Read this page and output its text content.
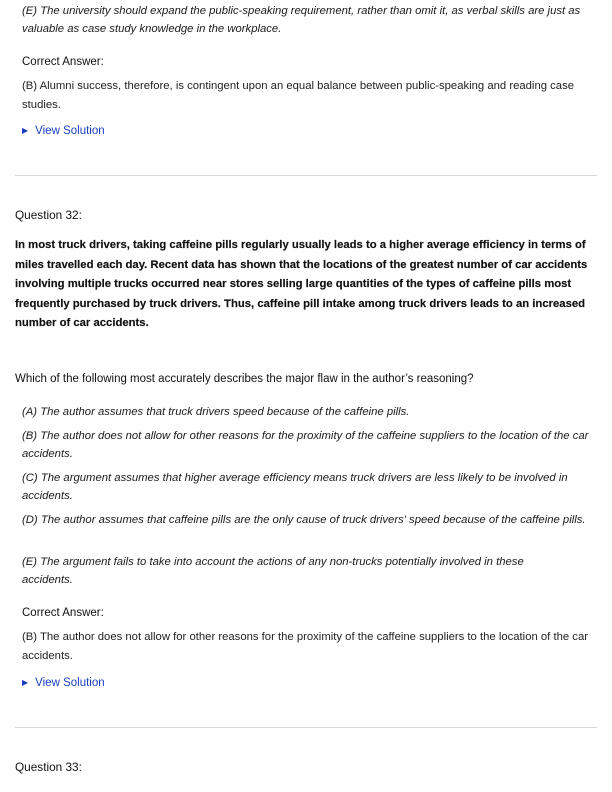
(E) The university should expand the public-speaking requirement, rather than omit it, as verbal skills are just as valuable as case study knowledge in the workplace.

Correct Answer:

(B) Alumni success, therefore, is contingent upon an equal balance between public-speaking and reading case studies.

▶ View Solution

Question 32:

In most truck drivers, taking caffeine pills regularly usually leads to a higher average efficiency in terms of miles travelled each day. Recent data has shown that the locations of the greatest number of car accidents involving multiple trucks occurred near stores selling large quantities of the types of caffeine pills most frequently purchased by truck drivers. Thus, caffeine pill intake among truck drivers leads to an increased number of car accidents.

Which of the following most accurately describes the major flaw in the author’s reasoning?

(A) The author assumes that truck drivers speed because of the caffeine pills.

(B) The author does not allow for other reasons for the proximity of the caffeine suppliers to the location of the car accidents.

(C) The argument assumes that higher average efficiency means truck drivers are less likely to be involved in accidents.

(D) The author assumes that caffeine pills are the only cause of truck drivers' speed because of the caffeine pills.

(E) The argument fails to take into account the actions of any non-trucks potentially involved in these accidents.

Correct Answer:

(B) The author does not allow for other reasons for the proximity of the caffeine suppliers to the location of the car accidents.

▶ View Solution

Question 33:
